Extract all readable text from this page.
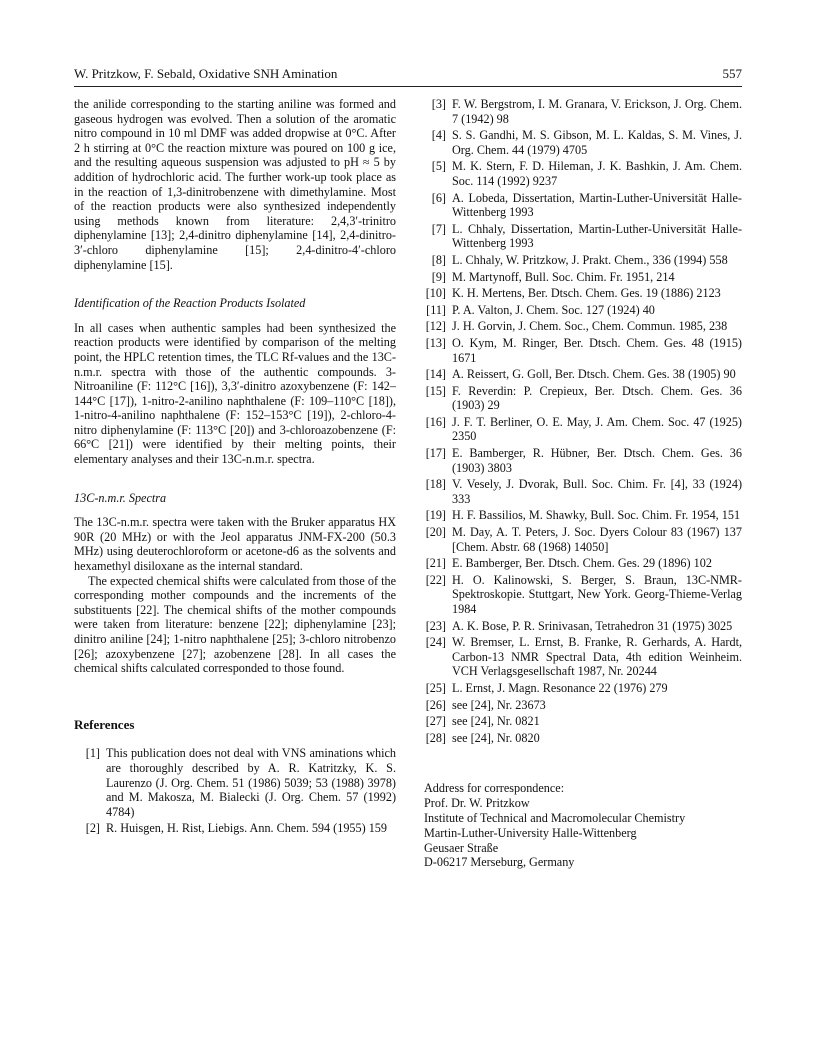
W. Pritzkow, F. Sebald, Oxidative SNH Amination	557

the anilide corresponding to the starting aniline was formed and gaseous hydrogen was evolved. Then a solution of the aromatic nitro compound in 10 ml DMF was added dropwise at 0°C. After 2 h stirring at 0°C the reaction mixture was poured on 100 g ice, and the resulting aqueous suspension was adjusted to pH ≈ 5 by addition of hydrochloric acid. The further work-up took place as in the reaction of 1,3-dinitrobenzene with dimethylamine. Most of the reaction products were also synthesized independently using methods known from literature: 2,4,3′-trinitro diphenylamine [13]; 2,4-dinitro diphenylamine [14], 2,4-dinitro-3′-chloro diphenylamine [15]; 2,4-dinitro-4′-chloro diphenylamine [15].

Identification of the Reaction Products Isolated

In all cases when authentic samples had been synthesized the reaction products were identified by comparison of the melting point, the HPLC retention times, the TLC Rf-values and the 13C-n.m.r. spectra with those of the authentic compounds. 3-Nitroaniline (F: 112°C [16]), 3,3′-dinitro azoxybenzene (F: 142–144°C [17]), 1-nitro-2-anilino naphthalene (F: 109–110°C [18]), 1-nitro-4-anilino naphthalene (F: 152–153°C [19]), 2-chloro-4-nitro diphenylamine (F: 113°C [20]) and 3-chloroazobenzene (F: 66°C [21]) were identified by their melting points, their elementary analyses and their 13C-n.m.r. spectra.

13C-n.m.r. Spectra

The 13C-n.m.r. spectra were taken with the Bruker apparatus HX 90R (20 MHz) or with the Jeol apparatus JNM-FX-200 (50.3 MHz) using deuterochloroform or acetone-d6 as the solvents and hexamethyl disiloxane as the internal standard.

The expected chemical shifts were calculated from those of the corresponding mother compounds and the increments of the substituents [22]. The chemical shifts of the mother compounds were taken from literature: benzene [22]; diphenylamine [23]; dinitro aniline [24]; 1-nitro naphthalene [25]; 3-chloro nitrobenzo [26]; azoxybenzene [27]; azobenzene [28]. In all cases the chemical shifts calculated corresponded to those found.

References
[1] This publication does not deal with VNS aminations which are thoroughly described by A. R. Katritzky, K. S. Laurenzo (J. Org. Chem. 51 (1986) 5039; 53 (1988) 3978) and M. Makosza, M. Bialecki (J. Org. Chem. 57 (1992) 4784)
[2] R. Huisgen, H. Rist, Liebigs. Ann. Chem. 594 (1955) 159
[3] F. W. Bergstrom, I. M. Granara, V. Erickson, J. Org. Chem. 7 (1942) 98
[4] S. S. Gandhi, M. S. Gibson, M. L. Kaldas, S. M. Vines, J. Org. Chem. 44 (1979) 4705
[5] M. K. Stern, F. D. Hileman, J. K. Bashkin, J. Am. Chem. Soc. 114 (1992) 9237
[6] A. Lobeda, Dissertation, Martin-Luther-Universität Halle-Wittenberg 1993
[7] L. Chhaly, Dissertation, Martin-Luther-Universität Halle-Wittenberg 1993
[8] L. Chhaly, W. Pritzkow, J. Prakt. Chem., 336 (1994) 558
[9] M. Martynoff, Bull. Soc. Chim. Fr. 1951, 214
[10] K. H. Mertens, Ber. Dtsch. Chem. Ges. 19 (1886) 2123
[11] P. A. Valton, J. Chem. Soc. 127 (1924) 40
[12] J. H. Gorvin, J. Chem. Soc., Chem. Commun. 1985, 238
[13] O. Kym, M. Ringer, Ber. Dtsch. Chem. Ges. 48 (1915) 1671
[14] A. Reissert, G. Goll, Ber. Dtsch. Chem. Ges. 38 (1905) 90
[15] F. Reverdin: P. Crepieux, Ber. Dtsch. Chem. Ges. 36 (1903) 29
[16] J. F. T. Berliner, O. E. May, J. Am. Chem. Soc. 47 (1925) 2350
[17] E. Bamberger, R. Hübner, Ber. Dtsch. Chem. Ges. 36 (1903) 3803
[18] V. Vesely, J. Dvorak, Bull. Soc. Chim. Fr. [4], 33 (1924) 333
[19] H. F. Bassilios, M. Shawky, Bull. Soc. Chim. Fr. 1954, 151
[20] M. Day, A. T. Peters, J. Soc. Dyers Colour 83 (1967) 137 [Chem. Abstr. 68 (1968) 14050]
[21] E. Bamberger, Ber. Dtsch. Chem. Ges. 29 (1896) 102
[22] H. O. Kalinowski, S. Berger, S. Braun, 13C-NMR-Spektroskopie. Stuttgart, New York. Georg-Thieme-Verlag 1984
[23] A. K. Bose, P. R. Srinivasan, Tetrahedron 31 (1975) 3025
[24] W. Bremser, L. Ernst, B. Franke, R. Gerhards, A. Hardt, Carbon-13 NMR Spectral Data, 4th edition Weinheim. VCH Verlagsgesellschaft 1987, Nr. 20244
[25] L. Ernst, J. Magn. Resonance 22 (1976) 279
[26] see [24], Nr. 23673
[27] see [24], Nr. 0821
[28] see [24], Nr. 0820
Address for correspondence:
Prof. Dr. W. Pritzkow
Institute of Technical and Macromolecular Chemistry
Martin-Luther-University Halle-Wittenberg
Geusaer Straße
D-06217 Merseburg, Germany
